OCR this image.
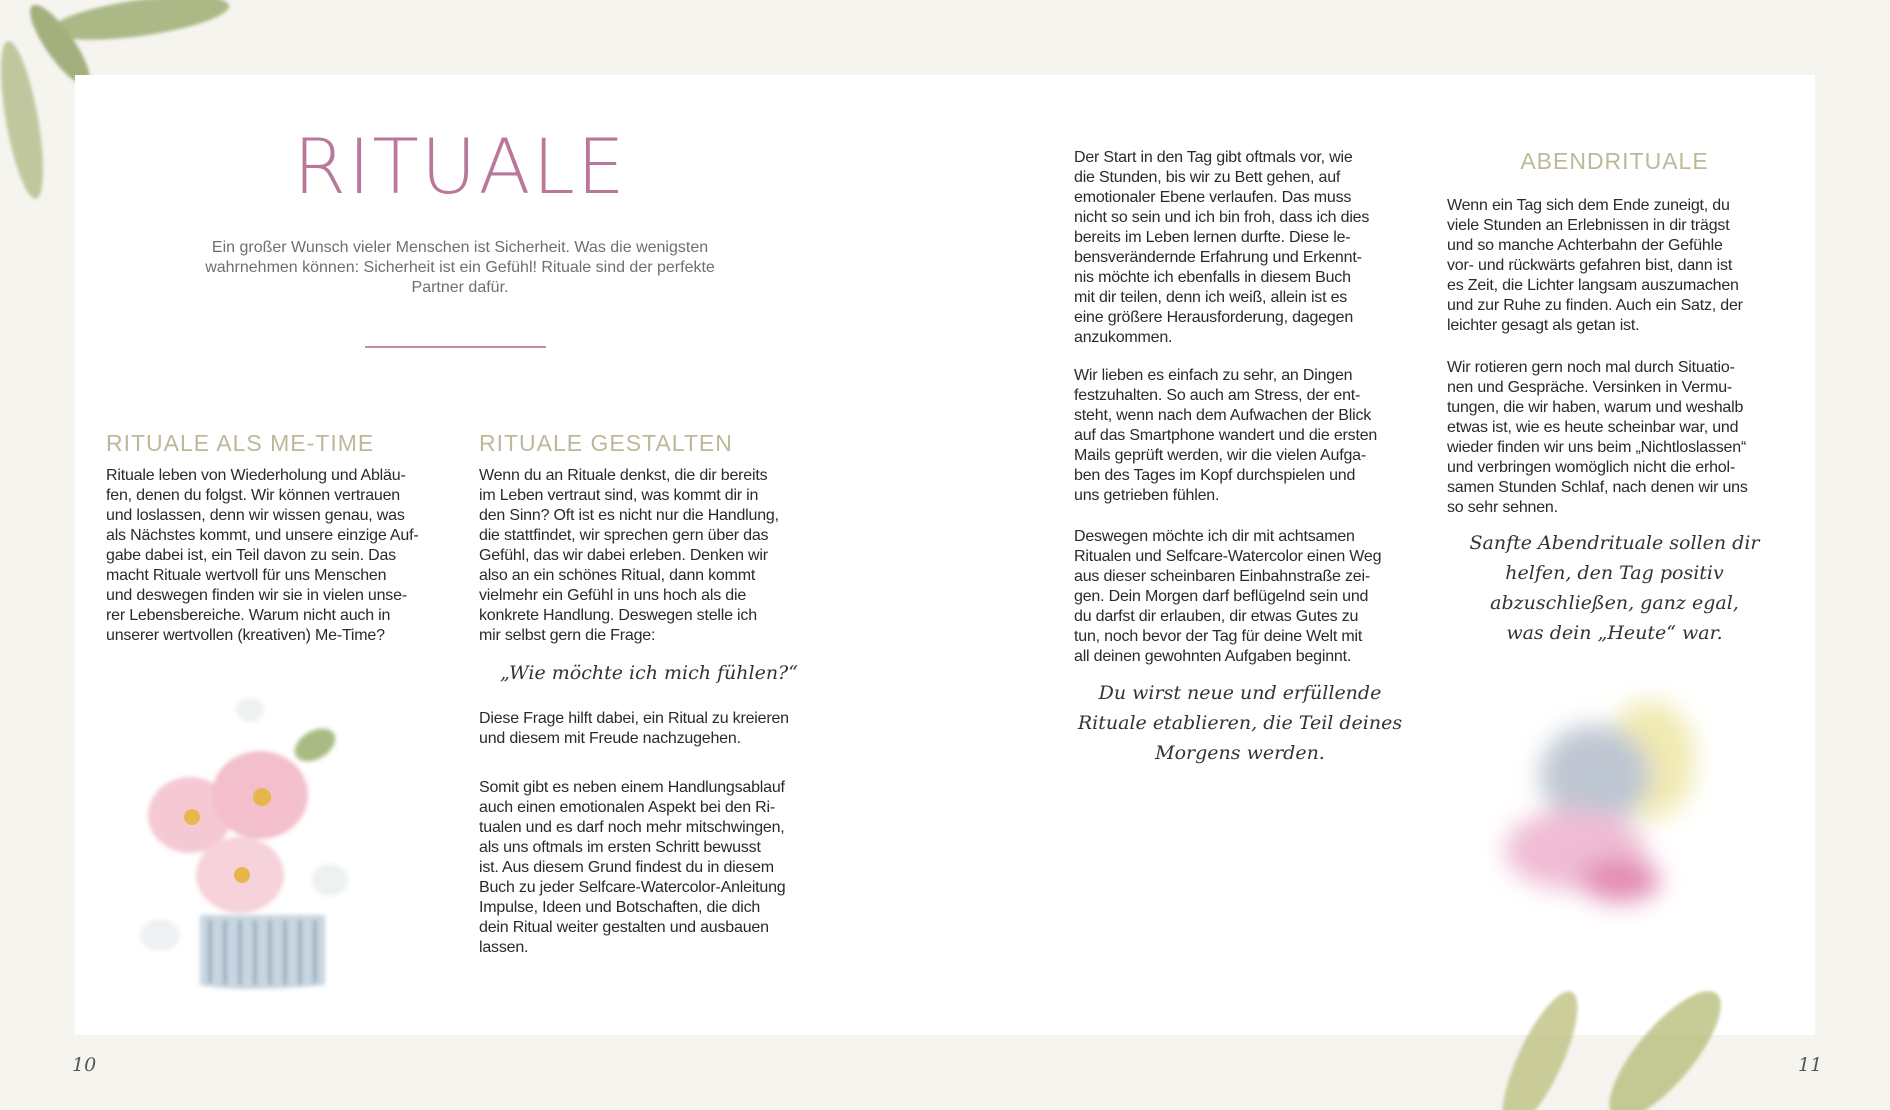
RITUALE
Ein großer Wunsch vieler Menschen ist Sicherheit. Was die wenigsten
wahrnehmen können: Sicherheit ist ein Gefühl! Rituale sind der perfekte
Partner dafür.
RITUALE ALS ME-TIME
Rituale leben von Wiederholung und Abläu-
fen, denen du folgst. Wir können vertrauen
und loslassen, denn wir wissen genau, was
als Nächstes kommt, und unsere einzige Auf-
gabe dabei ist, ein Teil davon zu sein. Das
macht Rituale wertvoll für uns Menschen
und deswegen finden wir sie in vielen unse-
rer Lebensbereiche. Warum nicht auch in
unserer wertvollen (kreativen) Me-Time?
RITUALE GESTALTEN
Wenn du an Rituale denkst, die dir bereits
im Leben vertraut sind, was kommt dir in
den Sinn? Oft ist es nicht nur die Handlung,
die stattfindet, wir sprechen gern über das
Gefühl, das wir dabei erleben. Denken wir
also an ein schönes Ritual, dann kommt
vielmehr ein Gefühl in uns hoch als die
konkrete Handlung. Deswegen stelle ich
mir selbst gern die Frage:
„Wie möchte ich mich fühlen?“
Diese Frage hilft dabei, ein Ritual zu kreieren
und diesem mit Freude nachzugehen.
Somit gibt es neben einem Handlungsablauf
auch einen emotionalen Aspekt bei den Ri-
tualen und es darf noch mehr mitschwingen,
als uns oftmals im ersten Schritt bewusst
ist. Aus diesem Grund findest du in diesem
Buch zu jeder Selfcare-Watercolor-Anleitung
Impulse, Ideen und Botschaften, die dich
dein Ritual weiter gestalten und ausbauen
lassen.
Der Start in den Tag gibt oftmals vor, wie
die Stunden, bis wir zu Bett gehen, auf
emotionaler Ebene verlaufen. Das muss
nicht so sein und ich bin froh, dass ich dies
bereits im Leben lernen durfte. Diese le-
bensverändernde Erfahrung und Erkennt-
nis möchte ich ebenfalls in diesem Buch
mit dir teilen, denn ich weiß, allein ist es
eine größere Herausforderung, dagegen
anzukommen.
Wir lieben es einfach zu sehr, an Dingen
festzuhalten. So auch am Stress, der ent-
steht, wenn nach dem Aufwachen der Blick
auf das Smartphone wandert und die ersten
Mails geprüft werden, wir die vielen Aufga-
ben des Tages im Kopf durchspielen und
uns getrieben fühlen.
Deswegen möchte ich dir mit achtsamen
Ritualen und Selfcare-Watercolor einen Weg
aus dieser scheinbaren Einbahnstraße zei-
gen. Dein Morgen darf beflügelnd sein und
du darfst dir erlauben, dir etwas Gutes zu
tun, noch bevor der Tag für deine Welt mit
all deinen gewohnten Aufgaben beginnt.
Du wirst neue und erfüllende
Rituale etablieren, die Teil deines
Morgens werden.
ABENDRITUALE
Wenn ein Tag sich dem Ende zuneigt, du
viele Stunden an Erlebnissen in dir trägst
und so manche Achterbahn der Gefühle
vor- und rückwärts gefahren bist, dann ist
es Zeit, die Lichter langsam auszumachen
und zur Ruhe zu finden. Auch ein Satz, der
leichter gesagt als getan ist.
Wir rotieren gern noch mal durch Situatio-
nen und Gespräche. Versinken in Vermu-
tungen, die wir haben, warum und weshalb
etwas ist, wie es heute scheinbar war, und
wieder finden wir uns beim „Nichtloslassen“
und verbringen womöglich nicht die erhol-
samen Stunden Schlaf, nach denen wir uns
so sehr sehnen.
Sanfte Abendrituale sollen dir
helfen, den Tag positiv
abzuschließen, ganz egal,
was dein „Heute“ war.
10	11
